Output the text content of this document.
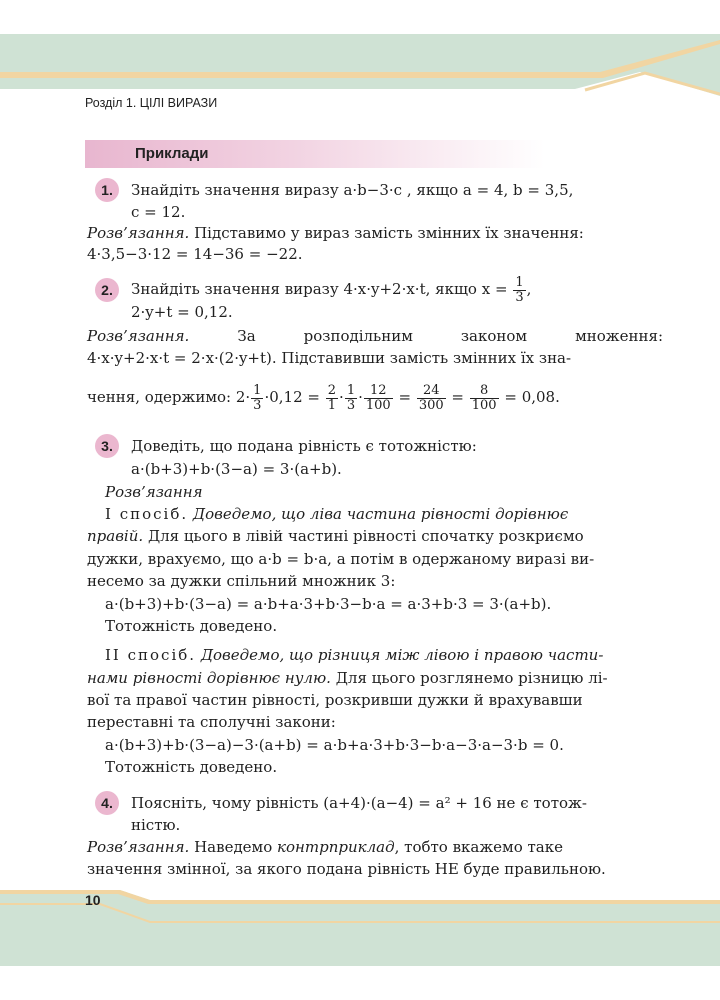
Розділ 1. ЦІЛІ ВИРАЗИ
Приклади
1.	Знайдіть значення виразу a·b−3·c , якщо a = 4, b = 3,5,
c = 12.
Розв’язання. Підставимо у вираз замість змінних їх значення:
4·3,5−3·12 = 14−36 = −22.
2.	Знайдіть значення виразу 4·x·y+2·x·t, якщо $x = \frac{1}{3}$ ,
2·y+t = 0,12.
Розв’язання.	За розподільним законом множення:
4·x·y+2·x·t = 2·x·(2·y+t). Підставивши замість змінних їх зна-
чення, одержимо: $2\cdot \frac{1}{3} \cdot 0,12 = \frac{2}{1} \cdot \frac{1}{3} \cdot \frac{12}{100} = \frac{24}{300} = \frac{8}{100} = 0,08$.
3.	Доведіть, що подана рівність є тотожністю:
a·(b+3)+b·(3−a) = 3·(a+b).
Розв’язання
І спосіб. Доведемо, що ліва частина рівності дорівнює
правій. Для цього в лівій частині рівності спочатку розкриємо
дужки, врахуємо, що a·b = b·a, а потім в одержаному виразі ви-
несемо за дужки спільний множник 3:
a·(b+3)+b·(3−a) = a·b+a·3+b·3−b·a = a·3+b·3 = 3·(a+b).
Тотожність доведено.
ІІ спосіб. Доведемо, що різниця між лівою і правою части-
нами рівності дорівнює нулю. Для цього розглянемо різницю лі-
вої та правої частин рівності, розкривши дужки й врахувавши
переставні та сполучні закони:
a·(b+3)+b·(3−a)−3·(a+b) = a·b+a·3+b·3−b·a−3·a−3·b = 0.
Тотожність доведено.
4.	Поясніть, чому рівність (a+4)·(a−4) = a² + 16 не є тотож-
ністю.
Розв’язання. Наведемо контрприклад, тобто вкажемо таке
значення змінної, за якого подана рівність НЕ буде правильною.
10
